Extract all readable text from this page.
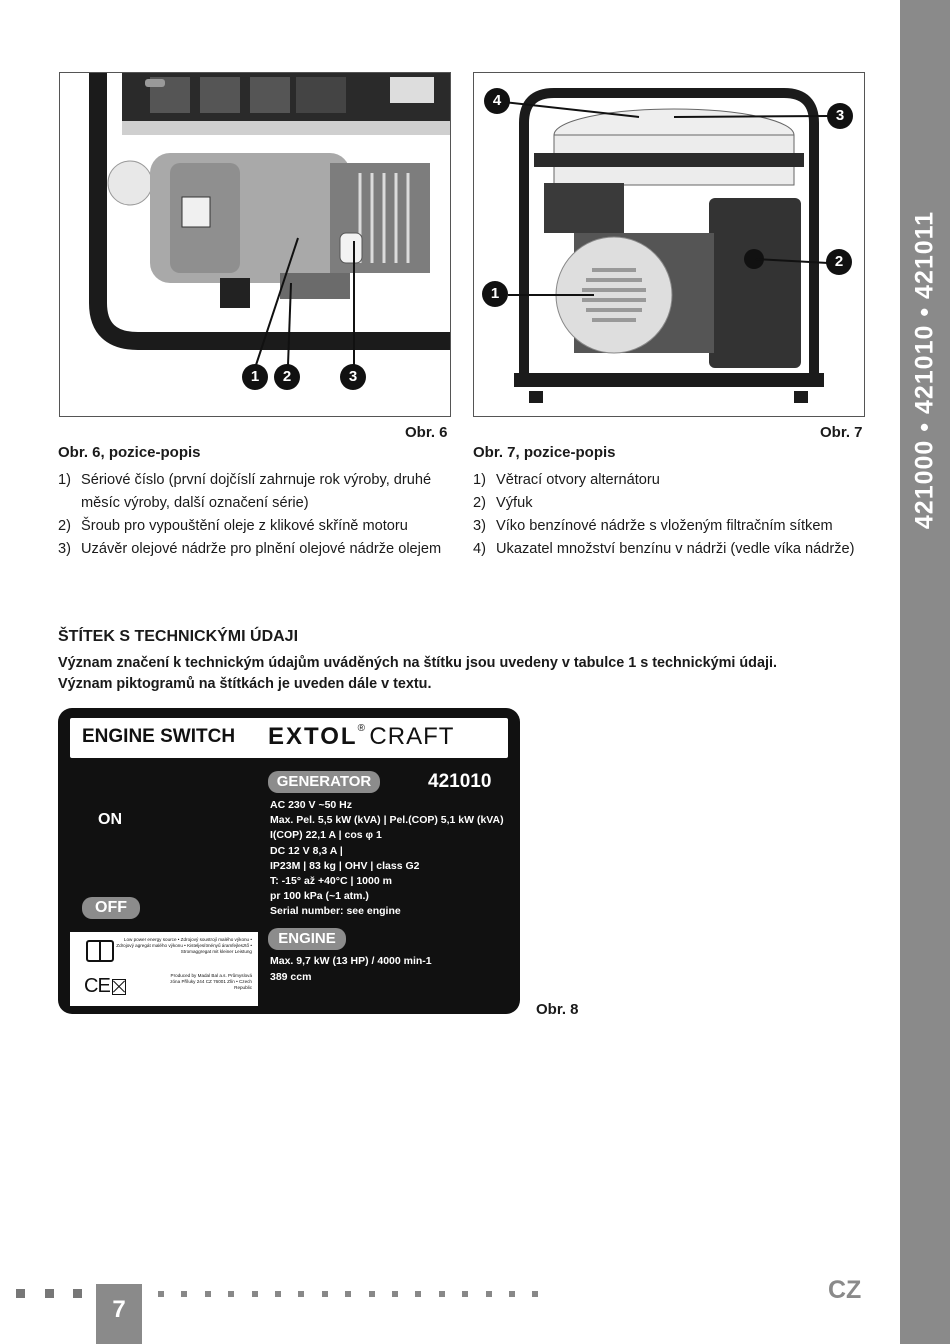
421000 • 421010 • 421011
1	2	3
Obr. 6
Obr. 6, pozice-popis
1) Sériové číslo (první dojčíslí zahrnuje rok výroby, druhé měsíc výroby, další označení série)
2) Šroub pro vypouštění oleje z klikové skříně motoru
3) Uzávěr olejové nádrže pro plnění olejové nádrže olejem
4
3
2
1
Obr. 7
Obr. 7, pozice-popis
1) Větrací otvory alternátoru
2) Výfuk
3) Víko benzínové nádrže s vloženým filtračním sítkem
4) Ukazatel množství benzínu v nádrži (vedle víka nádrže)
ŠTÍTEK S TECHNICKÝMI ÚDAJI
Význam značení k technickým údajům uváděných na štítku jsou uvedeny v tabulce 1 s technickými údaji.
Význam piktogramů na štítkách je uveden dále v textu.
ENGINE SWITCH EXTOL® CRAFT
ON
OFF
GENERATOR	421010
AC 230 V ~50 Hz
Max. Pel. 5,5 kW (kVA) | Pel.(COP) 5,1 kW (kVA)
I(COP) 22,1 A | cos φ 1
DC 12 V 8,3 A |
IP23M | 83 kg | OHV | class G2
T: -15° až +40°C | 1000 m
pr 100 kPa (~1 atm.)
Serial number: see engine
ENGINE
Max. 9,7 kW (13 HP) / 4000 min-1
389 ccm
Low power energy source • Zdrojový soustrojí malého výkonu • Zdrojový agregát malého výkonu • Kisteljesítményű áramfejlesztő • Stromaggregat mit kleiner Leistung
CE	Produced by Madal Bal a.s. Průmyslová zóna Příluky 244 CZ 76001 Zlín • Czech Republic
Obr. 8
7
CZ
